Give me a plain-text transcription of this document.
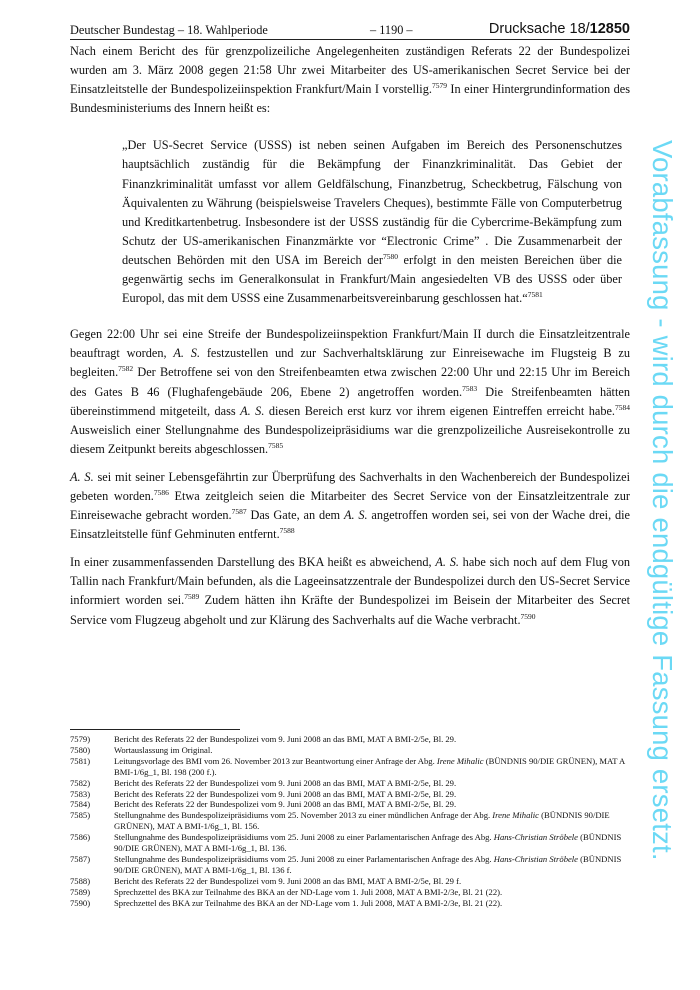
Deutscher Bundestag – 18. Wahlperiode	– 1190 –	Drucksache 18/12850

Nach einem Bericht des für grenzpolizeiliche Angelegenheiten zuständigen Referats 22 der Bundespolizei wurden am 3. März 2008 gegen 21:58 Uhr zwei Mitarbeiter des US-amerikanischen Secret Service bei der Einsatzleitstelle der Bundespolizeiinspektion Frankfurt/Main I vorstellig.$^{7579}$ In einer Hintergrundinformation des Bundesministeriums des Innern heißt es:

„Der US-Secret Service (USSS) ist neben seinen Aufgaben im Bereich des Personenschutzes hauptsächlich zuständig für die Bekämpfung der Finanzkriminalität. Das Gebiet der Finanzkriminalität umfasst vor allem Geldfälschung, Finanzbetrug, Scheckbetrug, Fälschung von Äquivalenten zu Währung (beispielsweise Travelers Cheques), bestimmte Fälle von Computerbetrug und Kreditkartenbetrug. Insbesondere ist der USSS zuständig für die Cybercrime-Bekämpfung zum Schutz der US-amerikanischen Finanzmärkte vor “Electronic Crime” . Die Zusammenarbeit der deutschen Behörden mit den USA im Bereich der$^{7580}$ erfolgt in den meisten Bereichen über die gegenwärtig sechs im Generalkonsulat in Frankfurt/Main angesiedelten VB des USSS oder über Europol, das mit dem USSS eine Zusammenarbeitsvereinbarung geschlossen hat.“$^{7581}$

Gegen 22:00 Uhr sei eine Streife der Bundespolizeiinspektion Frankfurt/Main II durch die Einsatzleitzentrale beauftragt worden, A. S. festzustellen und zur Sachverhaltsklärung zur Einreisewache im Flugsteig B zu begleiten.$^{7582}$ Der Betroffene sei von den Streifenbeamten etwa zwischen 22:00 Uhr und 22:15 Uhr im Bereich des Gates B 46 (Flughafengebäude 206, Ebene 2) angetroffen worden.$^{7583}$ Die Streifenbeamten hätten übereinstimmend mitgeteilt, dass A. S. diesen Bereich erst kurz vor ihrem eigenen Eintreffen erreicht habe.$^{7584}$ Ausweislich einer Stellungnahme des Bundespolizeipräsidiums war die grenzpolizeiliche Ausreisekontrolle zu diesem Zeitpunkt bereits abgeschlossen.$^{7585}$

A. S. sei mit seiner Lebensgefährtin zur Überprüfung des Sachverhalts in den Wachenbereich der Bundespolizei gebeten worden.$^{7586}$ Etwa zeitgleich seien die Mitarbeiter des Secret Service von der Einsatzleitzentrale zur Einreisewache gebracht worden.$^{7587}$ Das Gate, an dem A. S. angetroffen worden sei, sei von der Wache drei, die Einsatzleitstelle fünf Gehminuten entfernt.$^{7588}$

In einer zusammenfassenden Darstellung des BKA heißt es abweichend, A. S. habe sich noch auf dem Flug von Tallin nach Frankfurt/Main befunden, als die Lageeinsatzzentrale der Bundespolizei durch den US-Secret Service informiert worden sei.$^{7589}$ Zudem hätten ihn Kräfte der Bundespolizei im Beisein der Mitarbeiter des Secret Service vom Flugzeug abgeholt und zur Klärung des Sachverhalts auf die Wache verbracht.$^{7590}$	Vorabfassung - wird durch die endgültige Fassung ersetzt.
7579)	Bericht des Referats 22 der Bundespolizei vom 9. Juni 2008 an das BMI, MAT A BMI-2/5e, Bl. 29.
7580)	Wortauslassung im Original.
7581)	Leitungsvorlage des BMI vom 26. November 2013 zur Beantwortung einer Anfrage der Abg. Irene Mihalic (BÜNDNIS 90/DIE GRÜNEN), MAT A BMI-1/6g_1, Bl. 198 (200 f.).
7582)	Bericht des Referats 22 der Bundespolizei vom 9. Juni 2008 an das BMI, MAT A BMI-2/5e, Bl. 29.
7583)	Bericht des Referats 22 der Bundespolizei vom 9. Juni 2008 an das BMI, MAT A BMI-2/5e, Bl. 29.
7584)	Bericht des Referats 22 der Bundespolizei vom 9. Juni 2008 an das BMI, MAT A BMI-2/5e, Bl. 29.
7585)	Stellungnahme des Bundespolizeipräsidiums vom 25. November 2013 zu einer mündlichen Anfrage der Abg. Irene Mihalic (BÜNDNIS 90/DIE GRÜNEN), MAT A BMI-1/6g_1, Bl. 156.
7586)	Stellungnahme des Bundespolizeipräsidiums vom 25. Juni 2008 zu einer Parlamentarischen Anfrage des Abg. Hans-Christian Ströbele (BÜNDNIS 90/DIE GRÜNEN), MAT A BMI-1/6g_1, Bl. 136.
7587)	Stellungnahme des Bundespolizeipräsidiums vom 25. Juni 2008 zu einer Parlamentarischen Anfrage des Abg. Hans-Christian Ströbele (BÜNDNIS 90/DIE GRÜNEN), MAT A BMI-1/6g_1, Bl. 136 f.
7588)	Bericht des Referats 22 der Bundespolizei vom 9. Juni 2008 an das BMI, MAT A BMI-2/5e, Bl. 29 f.
7589)	Sprechzettel des BKA zur Teilnahme des BKA an der ND-Lage vom 1. Juli 2008, MAT A BMI-2/3e, Bl. 21 (22).
7590)	Sprechzettel des BKA zur Teilnahme des BKA an der ND-Lage vom 1. Juli 2008, MAT A BMI-2/3e, Bl. 21 (22).
